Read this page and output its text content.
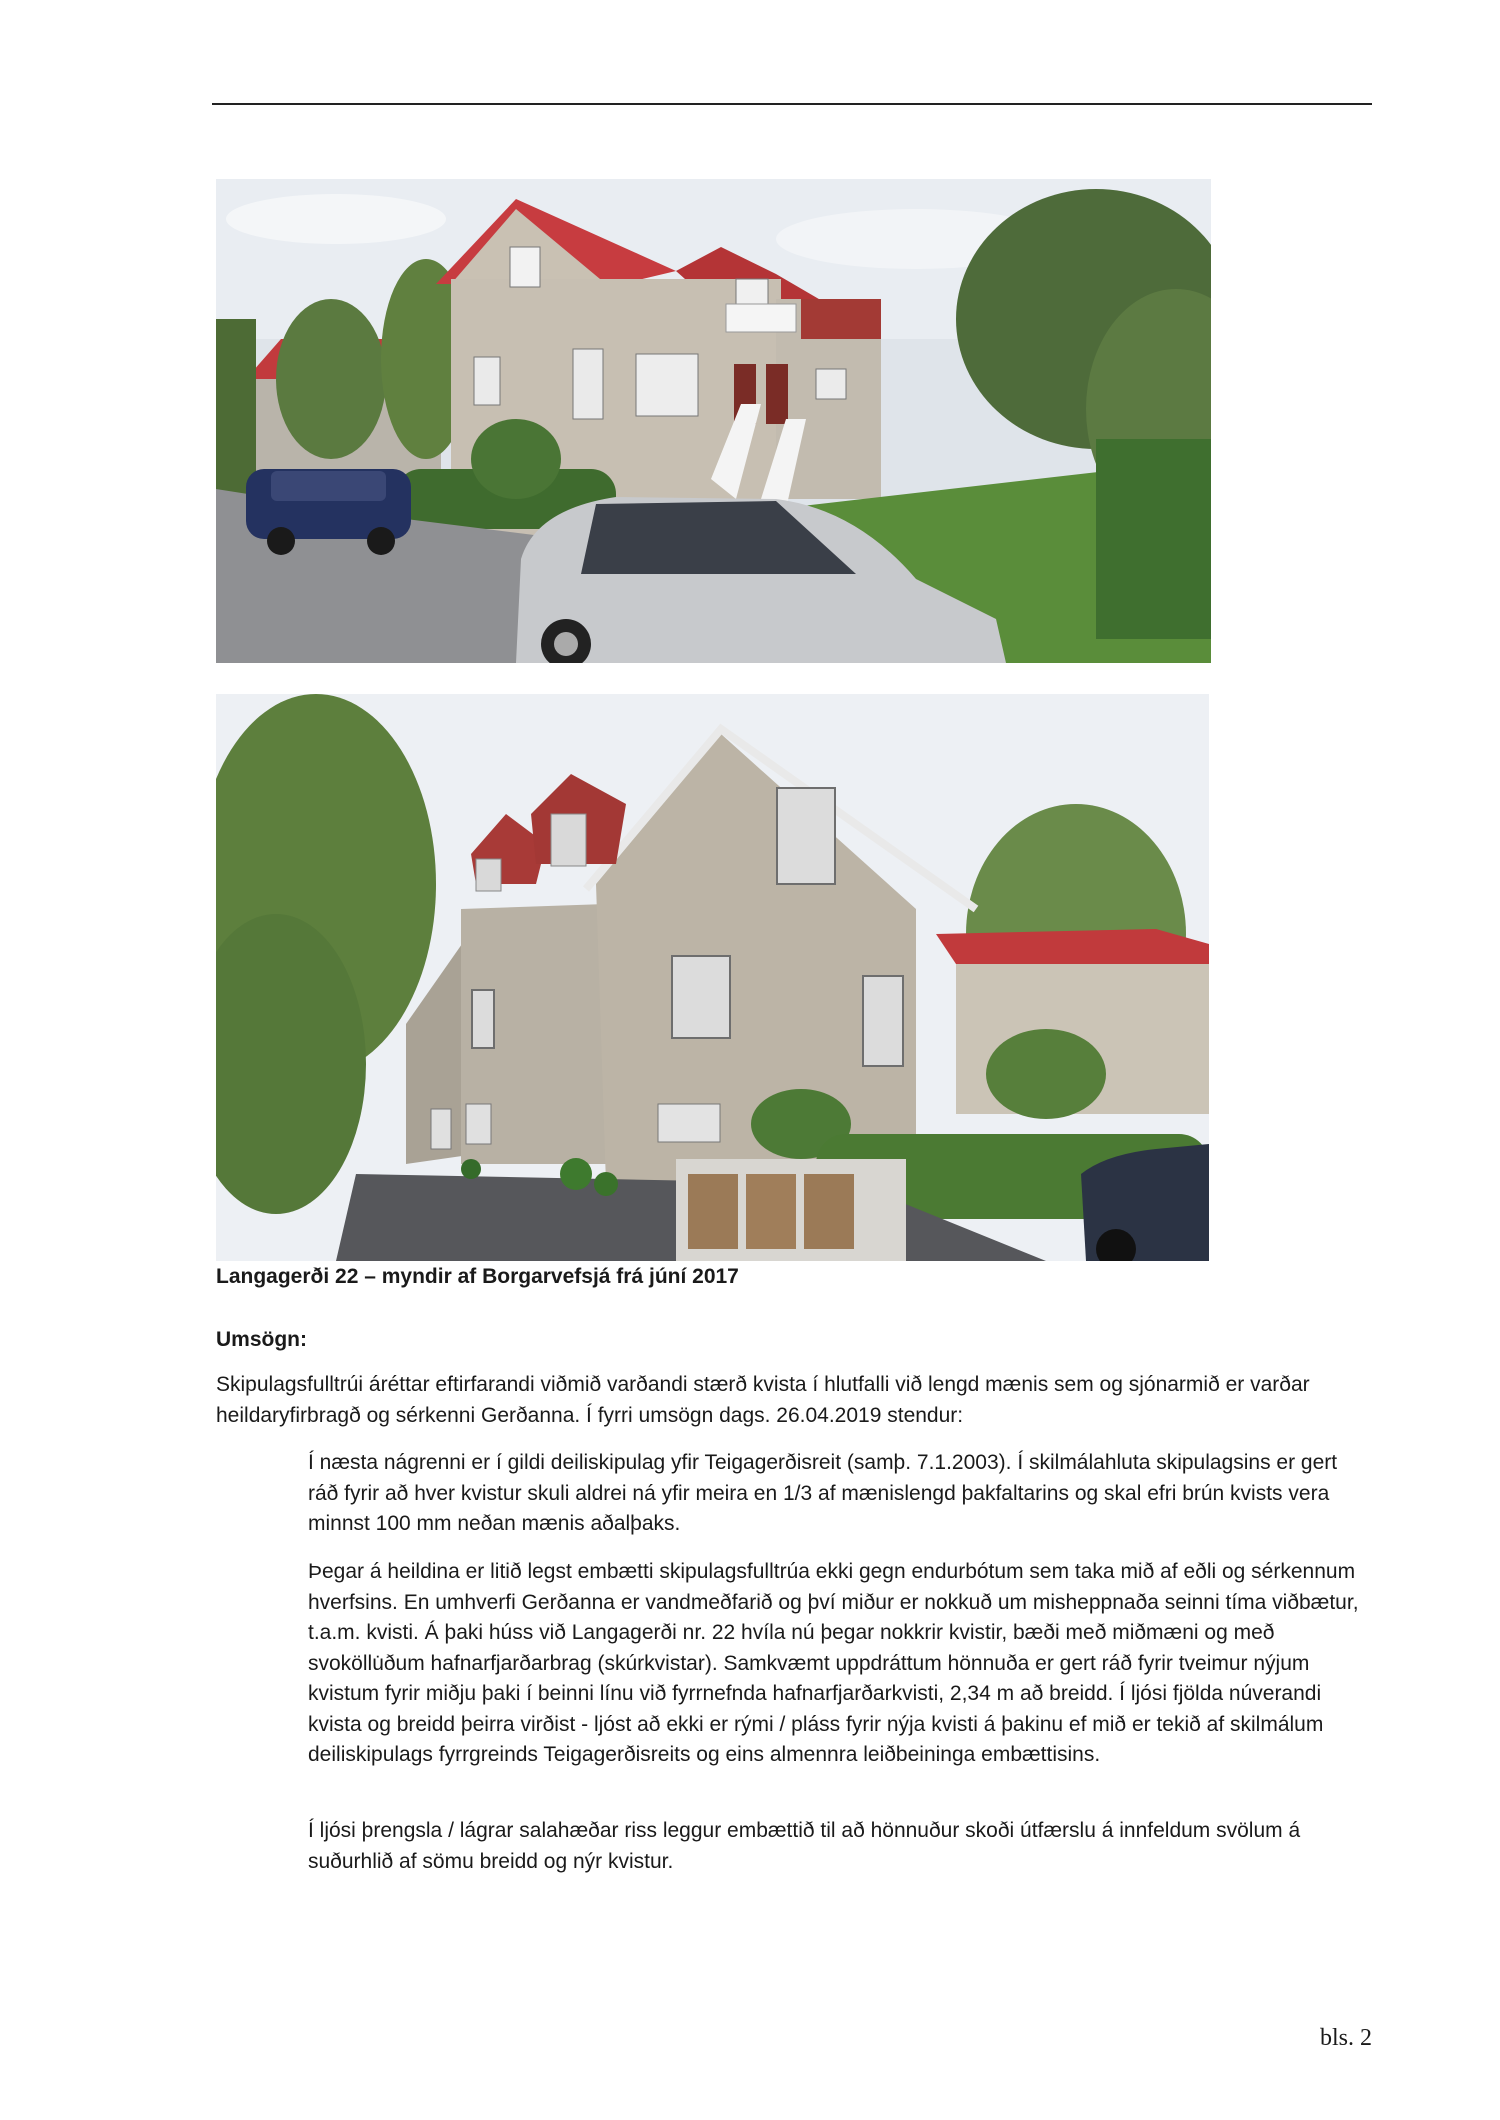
Langagerði 22 – myndir af Borgarvefsjá frá júní 2017
Umsögn:
Skipulagsfulltrúi áréttar eftirfarandi viðmið varðandi stærð kvista í hlutfalli við lengd mænis sem og sjónarmið er varðar heildaryfirbragð og sérkenni Gerðanna. Í fyrri umsögn dags. 26.04.2019 stendur:
Í næsta nágrenni er í gildi deiliskipulag yfir Teigagerðisreit (samþ. 7.1.2003). Í skilmálahluta skipulagsins er gert ráð fyrir að hver kvistur skuli aldrei ná yfir meira en 1/3 af mænislengd þakfaltarins og skal efri brún kvists vera minnst 100 mm neðan mænis aðalþaks.
Þegar á heildina er litið legst embætti skipulagsfulltrúa ekki gegn endurbótum sem taka mið af eðli og sérkennum hverfsins. En umhverfi Gerðanna er vandmeðfarið og því miður er nokkuð um misheppnaða seinni tíma viðbætur, t.a.m. kvisti. Á þaki húss við Langagerði nr. 22 hvíla nú þegar nokkrir kvistir, bæði með miðmæni og með svoköllu̇ðum hafnarfjarðarbrag (skúrkvistar). Samkvæmt uppdráttum hönnuða er gert ráð fyrir tveimur nýjum kvistum fyrir miðju þaki í beinni línu við fyrrnefnda hafnarfjarðarkvisti, 2,34 m að breidd. Í ljósi fjölda núverandi kvista og breidd þeirra virðist - ljóst að ekki er rými / pláss fyrir nýja kvisti á þakinu ef mið er tekið af skilmálum deiliskipulags fyrrgreinds Teigagerðisreits og eins almennra leiðbeininga embættisins.
Í ljósi þrengsla / lágrar salahæðar riss leggur embættið til að hönnuður skoði útfærslu á innfeldum svölum á suðurhlið af sömu breidd og nýr kvistur.
bls. 2
